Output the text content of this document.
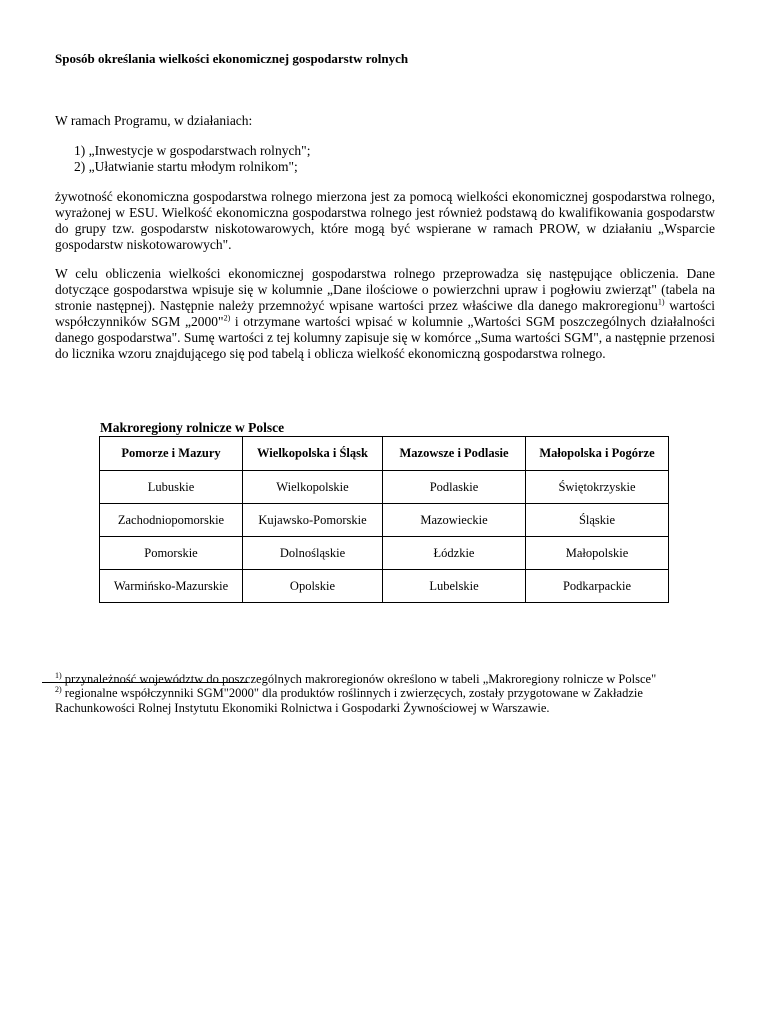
Sposób określania wielkości ekonomicznej gospodarstw rolnych
W ramach Programu, w działaniach:
1) „Inwestycje w gospodarstwach rolnych";
2) „Ułatwianie startu młodym rolnikom";

żywotność ekonomiczna gospodarstwa rolnego mierzona jest za pomocą wielkości ekonomicznej gospodarstwa rolnego, wyrażonej w ESU. Wielkość ekonomiczna gospodarstwa rolnego jest również podstawą do kwalifikowania gospodarstw do grupy tzw. gospodarstw niskotowarowych, które mogą być wspierane w ramach PROW, w działaniu „Wsparcie gospodarstw niskotowarowych".

W celu obliczenia wielkości ekonomicznej gospodarstwa rolnego przeprowadza się następujące obliczenia. Dane dotyczące gospodarstwa wpisuje się w kolumnie „Dane ilościowe o powierzchni upraw i pogłowiu zwierząt" (tabela na stronie następnej). Następnie należy przemnożyć wpisane wartości przez właściwe dla danego makroregionu$^{1)}$ wartości współczynników SGM „2000"$^{2)}$ i otrzymane wartości wpisać w kolumnie „Wartości SGM poszczególnych działalności danego gospodarstwa". Sumę wartości z tej kolumny zapisuje się w komórce „Suma wartości SGM", a następnie przenosi do licznika wzoru znajdującego się pod tabelą i oblicza wielkość ekonomiczną gospodarstwa rolnego.

Makroregiony rolnicze w Polsce
Pomorze i Mazury	Wielkopolska i Śląsk	Mazowsze i Podlasie	Małopolska i Pogórze
Lubuskie	Wielkopolskie	Podlaskie	Świętokrzyskie
Zachodniopomorskie	Kujawsko-Pomorskie	Mazowieckie	Śląskie
Pomorskie	Dolnośląskie	Łódzkie	Małopolskie
Warmińsko-Mazurskie	Opolskie	Lubelskie	Podkarpackie

$^{1)}$ przynależność województw do poszczególnych makroregionów określono w tabeli „Makroregiony rolnicze w Polsce"

$^{2)}$ regionalne współczynniki SGM"2000" dla produktów roślinnych i zwierzęcych, zostały przygotowane w Zakładzie Rachunkowości Rolnej Instytutu Ekonomiki Rolnictwa i Gospodarki Żywnościowej w Warszawie.
